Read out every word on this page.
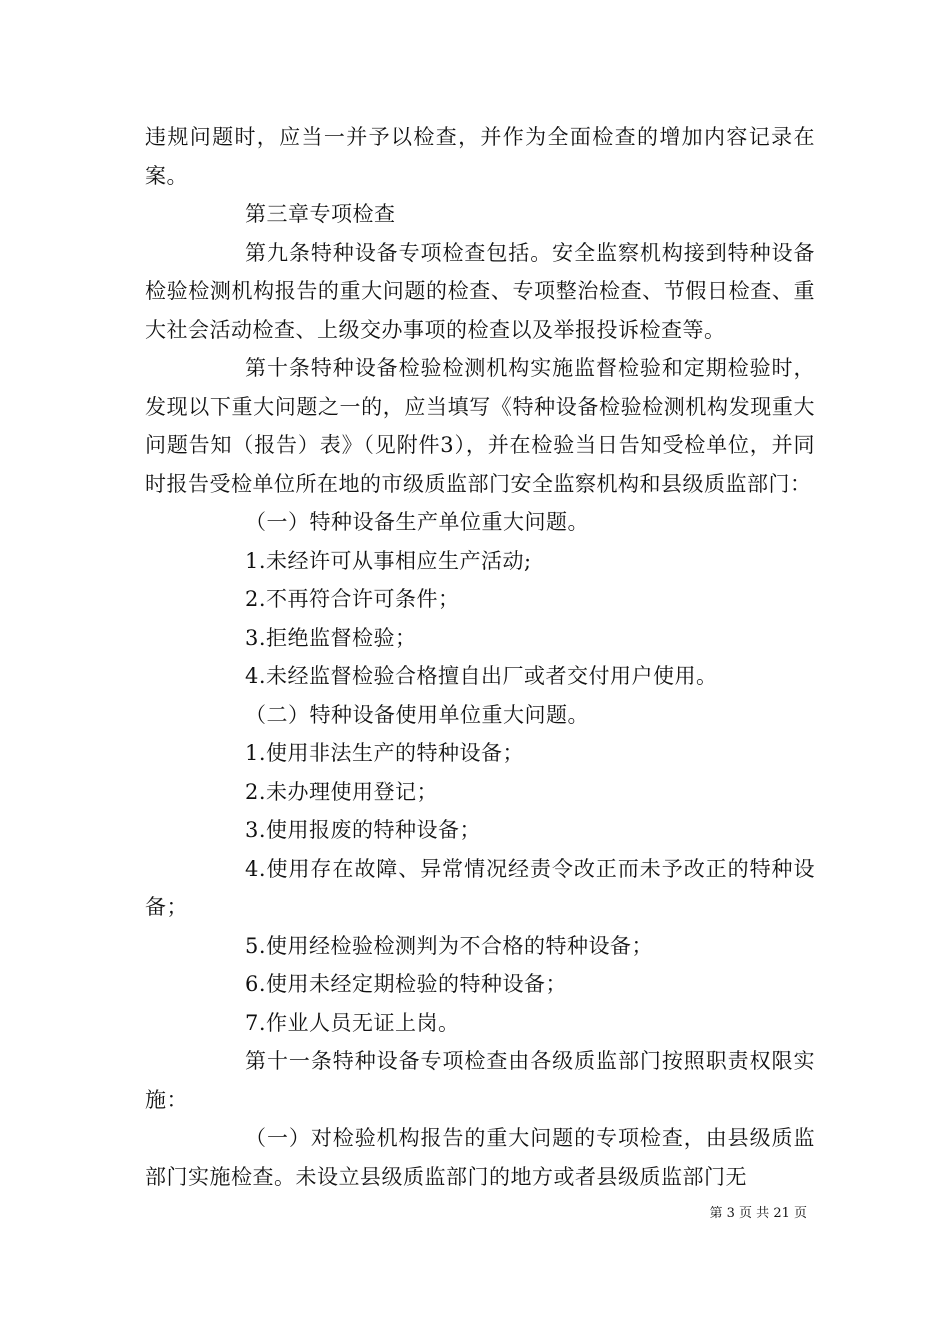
违规问题时，应当一并予以检查，并作为全面检查的增加内容记录在案。

第三章专项检查

第九条特种设备专项检查包括。安全监察机构接到特种设备检验检测机构报告的重大问题的检查、专项整治检查、节假日检查、重大社会活动检查、上级交办事项的检查以及举报投诉检查等。

第十条特种设备检验检测机构实施监督检验和定期检验时，发现以下重大问题之一的，应当填写《特种设备检验检测机构发现重大问题告知（报告）表》（见附件3），并在检验当日告知受检单位，并同时报告受检单位所在地的市级质监部门安全监察机构和县级质监部门：

（一）特种设备生产单位重大问题。

1.未经许可从事相应生产活动;

2.不再符合许可条件；

3.拒绝监督检验；

4.未经监督检验合格擅自出厂或者交付用户使用。

（二）特种设备使用单位重大问题。

1.使用非法生产的特种设备；

2.未办理使用登记；

3.使用报废的特种设备；

4.使用存在故障、异常情况经责令改正而未予改正的特种设备；

5.使用经检验检测判为不合格的特种设备；

6.使用未经定期检验的特种设备；

7.作业人员无证上岗。

第十一条特种设备专项检查由各级质监部门按照职责权限实施：

（一）对检验机构报告的重大问题的专项检查，由县级质监部门实施检查。未设立县级质监部门的地方或者县级质监部门无

第 3 页 共 21 页
